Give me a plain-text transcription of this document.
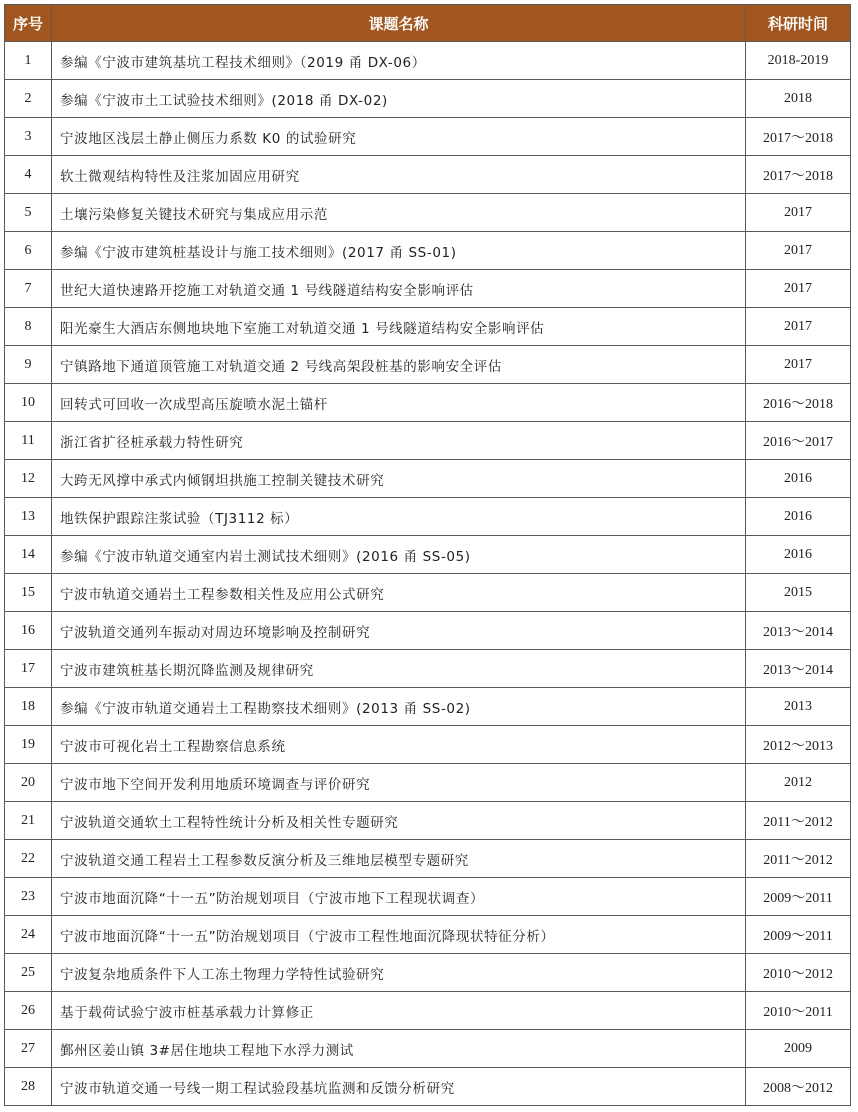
序号	课题名称	科研时间
1	参编《宁波市建筑基坑工程技术细则》（2019 甬 DX-06）	2018-2019
2	参编《宁波市土工试验技术细则》(2018 甬 DX-02)	2018
3	宁波地区浅层土静止侧压力系数 K0 的试验研究	2017～2018
4	软土微观结构特性及注浆加固应用研究	2017～2018
5	土壤污染修复关键技术研究与集成应用示范	2017
6	参编《宁波市建筑桩基设计与施工技术细则》(2017 甬 SS-01)	2017
7	世纪大道快速路开挖施工对轨道交通 1 号线隧道结构安全影响评估	2017
8	阳光豪生大酒店东侧地块地下室施工对轨道交通 1 号线隧道结构安全影响评估	2017
9	宁镇路地下通道顶管施工对轨道交通 2 号线高架段桩基的影响安全评估	2017
10	回转式可回收一次成型高压旋喷水泥土锚杆	2016～2018
11	浙江省扩径桩承载力特性研究	2016～2017
12	大跨无风撑中承式内倾钢坦拱施工控制关键技术研究	2016
13	地铁保护跟踪注浆试验（TJ3112 标）	2016
14	参编《宁波市轨道交通室内岩土测试技术细则》(2016 甬 SS-05)	2016
15	宁波市轨道交通岩土工程参数相关性及应用公式研究	2015
16	宁波轨道交通列车振动对周边环境影响及控制研究	2013～2014
17	宁波市建筑桩基长期沉降监测及规律研究	2013～2014
18	参编《宁波市轨道交通岩土工程勘察技术细则》(2013 甬 SS-02)	2013
19	宁波市可视化岩土工程勘察信息系统	2012～2013
20	宁波市地下空间开发利用地质环境调查与评价研究	2012
21	宁波轨道交通软土工程特性统计分析及相关性专题研究	2011～2012
22	宁波轨道交通工程岩土工程参数反演分析及三维地层模型专题研究	2011～2012
23	宁波市地面沉降“十一五”防治规划项目（宁波市地下工程现状调查）	2009～2011
24	宁波市地面沉降“十一五”防治规划项目（宁波市工程性地面沉降现状特征分析）	2009～2011
25	宁波复杂地质条件下人工冻土物理力学特性试验研究	2010～2012
26	基于载荷试验宁波市桩基承载力计算修正	2010～2011
27	鄞州区姜山镇 3#居住地块工程地下水浮力测试	2009
28	宁波市轨道交通一号线一期工程试验段基坑监测和反馈分析研究	2008～2012
